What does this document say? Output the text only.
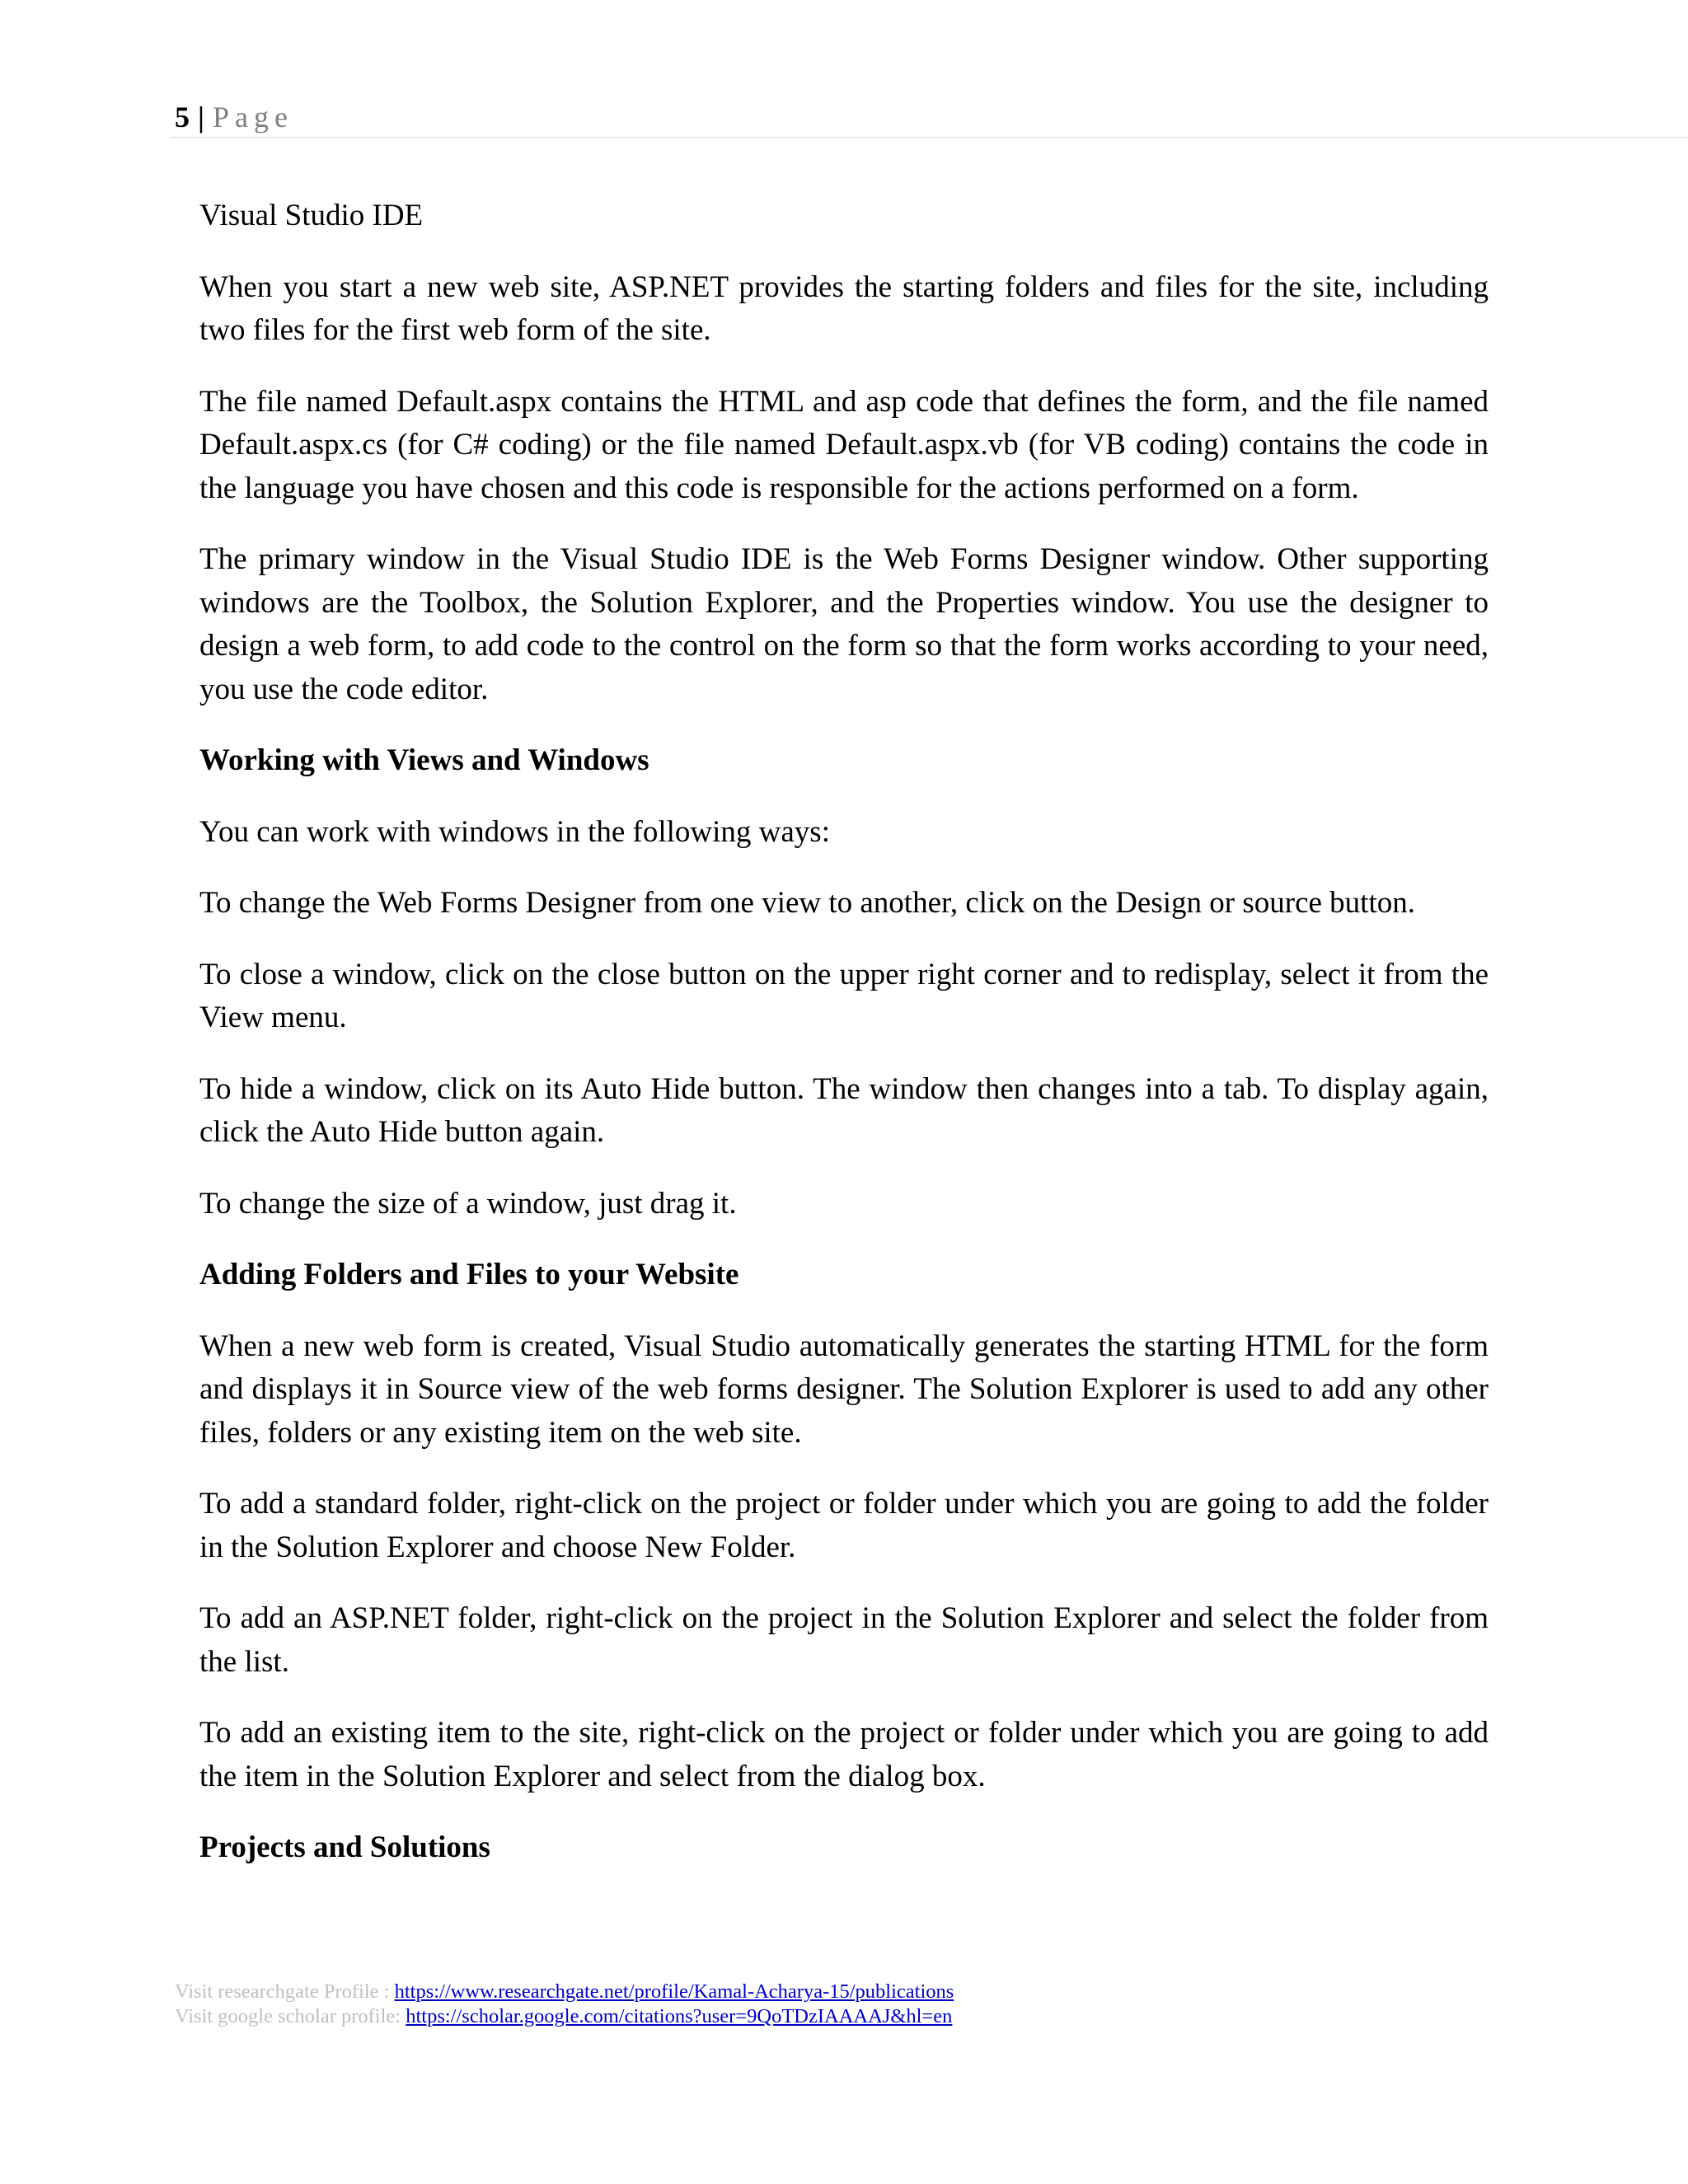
5 | Page

Visual Studio IDE

When you start a new web site, ASP.NET provides the starting folders and files for the site, including two files for the first web form of the site.

The file named Default.aspx contains the HTML and asp code that defines the form, and the file named Default.aspx.cs (for C# coding) or the file named Default.aspx.vb (for VB coding) contains the code in the language you have chosen and this code is responsible for the actions performed on a form.

The primary window in the Visual Studio IDE is the Web Forms Designer window. Other supporting windows are the Toolbox, the Solution Explorer, and the Properties window. You use the designer to design a web form, to add code to the control on the form so that the form works according to your need, you use the code editor.

Working with Views and Windows

You can work with windows in the following ways:

To change the Web Forms Designer from one view to another, click on the Design or source button.

To close a window, click on the close button on the upper right corner and to redisplay, select it from the View menu.

To hide a window, click on its Auto Hide button. The window then changes into a tab. To display again, click the Auto Hide button again.

To change the size of a window, just drag it.

Adding Folders and Files to your Website

When a new web form is created, Visual Studio automatically generates the starting HTML for the form and displays it in Source view of the web forms designer. The Solution Explorer is used to add any other files, folders or any existing item on the web site.

To add a standard folder, right-click on the project or folder under which you are going to add the folder in the Solution Explorer and choose New Folder.

To add an ASP.NET folder, right-click on the project in the Solution Explorer and select the folder from the list.

To add an existing item to the site, right-click on the project or folder under which you are going to add the item in the Solution Explorer and select from the dialog box.

Projects and Solutions
Visit researchgate Profile : https://www.researchgate.net/profile/Kamal-Acharya-15/publications
Visit google scholar profile: https://scholar.google.com/citations?user=9QoTDzIAAAAJ&hl=en
